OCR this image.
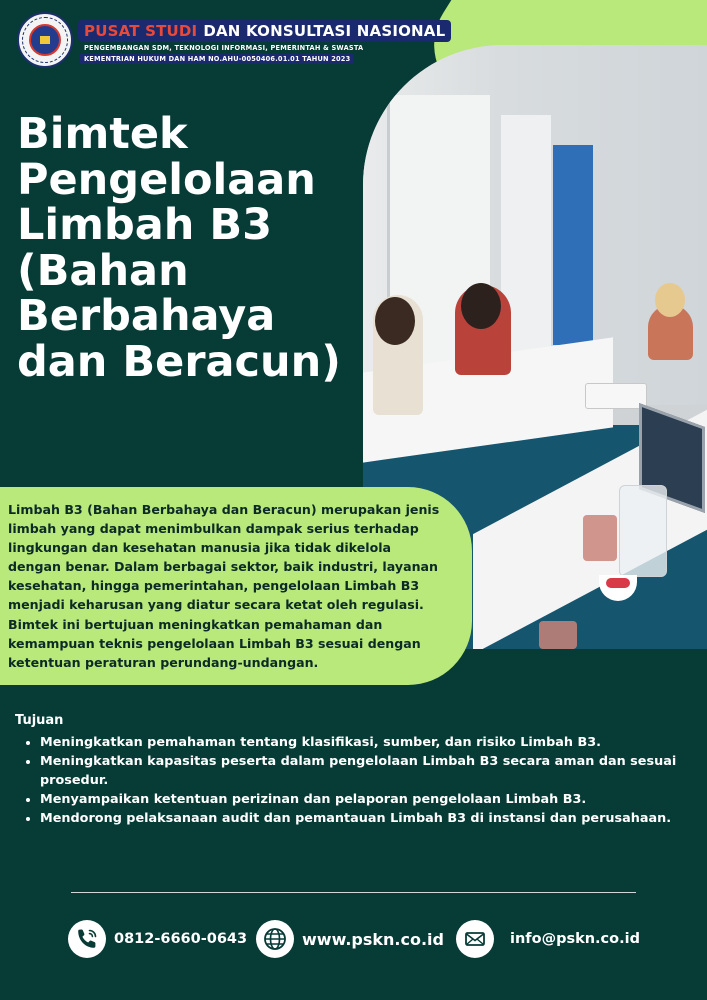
PUSAT STUDI DAN KONSULTASI NASIONAL
PENGEMBANGAN SDM, TEKNOLOGI INFORMASI, PEMERINTAH & SWASTA
KEMENTRIAN HUKUM DAN HAM NO.AHU-0050406.01.01 TAHUN 2023
Bimtek Pengelolaan Limbah B3 (Bahan Berbahaya dan Beracun)

Limbah B3 (Bahan Berbahaya dan Beracun) merupakan jenis limbah yang dapat menimbulkan dampak serius terhadap lingkungan dan kesehatan manusia jika tidak dikelola dengan benar. Dalam berbagai sektor, baik industri, layanan kesehatan, hingga pemerintahan, pengelolaan Limbah B3 menjadi keharusan yang diatur secara ketat oleh regulasi. Bimtek ini bertujuan meningkatkan pemahaman dan kemampuan teknis pengelolaan Limbah B3 sesuai dengan ketentuan peraturan perundang-undangan.

Tujuan
• Meningkatkan pemahaman tentang klasifikasi, sumber, dan risiko Limbah B3.
• Meningkatkan kapasitas peserta dalam pengelolaan Limbah B3 secara aman dan sesuai prosedur.
• Menyampaikan ketentuan perizinan dan pelaporan pengelolaan Limbah B3.
• Mendorong pelaksanaan audit dan pemantauan Limbah B3 di instansi dan perusahaan.
0812-6660-0643	www.pskn.co.id	info@pskn.co.id
